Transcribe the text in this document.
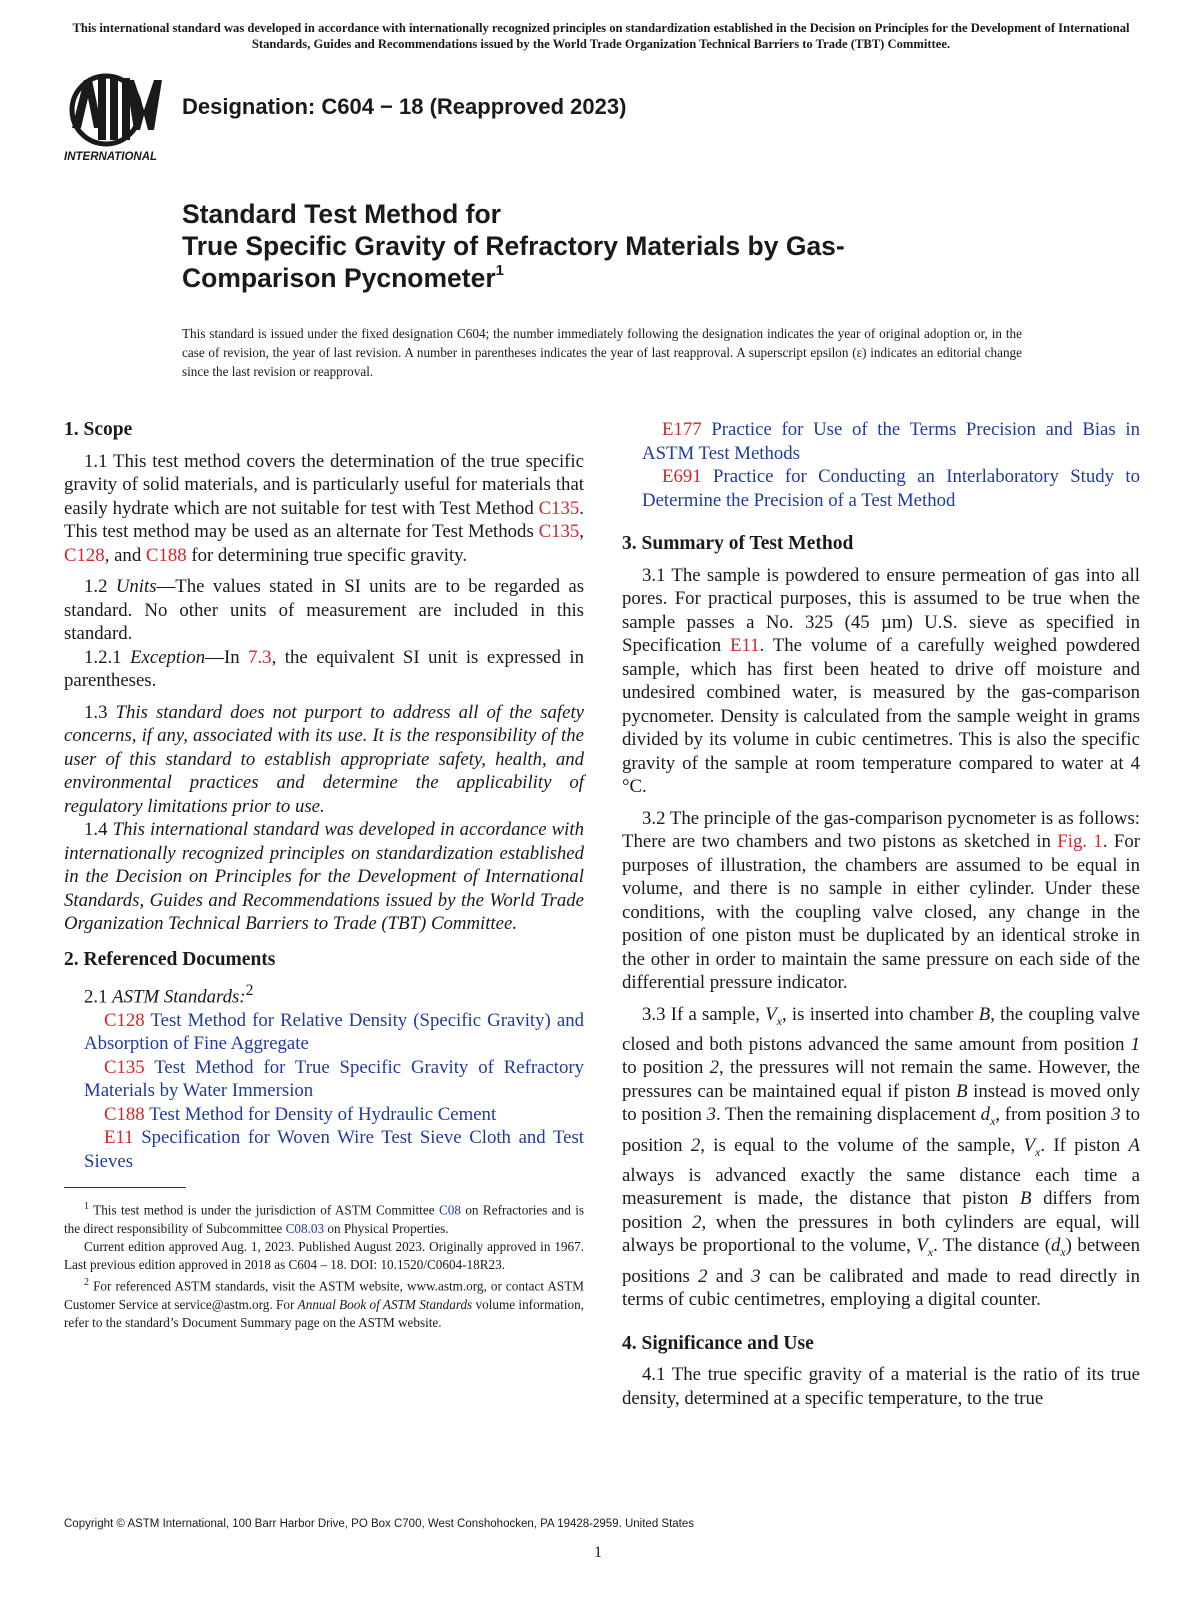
This international standard was developed in accordance with internationally recognized principles on standardization established in the Decision on Principles for the Development of International Standards, Guides and Recommendations issued by the World Trade Organization Technical Barriers to Trade (TBT) Committee.

INTERNATIONAL
Designation: C604 − 18 (Reapproved 2023)
Standard Test Method for
True Specific Gravity of Refractory Materials by Gas-
Comparison Pycnometer$^1$

This standard is issued under the fixed designation C604; the number immediately following the designation indicates the year of original adoption or, in the case of revision, the year of last revision. A number in parentheses indicates the year of last reapproval. A superscript epsilon (ε) indicates an editorial change since the last revision or reapproval.

1. Scope

1.1 This test method covers the determination of the true specific gravity of solid materials, and is particularly useful for materials that easily hydrate which are not suitable for test with Test Method C135. This test method may be used as an alternate for Test Methods C135, C128, and C188 for determining true specific gravity.

1.2 Units—The values stated in SI units are to be regarded as standard. No other units of measurement are included in this standard.

1.2.1 Exception—In 7.3, the equivalent SI unit is expressed in parentheses.

1.3 This standard does not purport to address all of the safety concerns, if any, associated with its use. It is the responsibility of the user of this standard to establish appropriate safety, health, and environmental practices and determine the applicability of regulatory limitations prior to use.

1.4 This international standard was developed in accordance with internationally recognized principles on standardization established in the Decision on Principles for the Development of International Standards, Guides and Recommendations issued by the World Trade Organization Technical Barriers to Trade (TBT) Committee.

2. Referenced Documents

2.1 ASTM Standards:$^2$

C128 Test Method for Relative Density (Specific Gravity) and Absorption of Fine Aggregate

C135 Test Method for True Specific Gravity of Refractory Materials by Water Immersion

C188 Test Method for Density of Hydraulic Cement

E11 Specification for Woven Wire Test Sieve Cloth and Test Sieves

$^1$ This test method is under the jurisdiction of ASTM Committee C08 on Refractories and is the direct responsibility of Subcommittee C08.03 on Physical Properties.

Current edition approved Aug. 1, 2023. Published August 2023. Originally approved in 1967. Last previous edition approved in 2018 as C604 – 18. DOI: 10.1520/C0604-18R23.

$^2$ For referenced ASTM standards, visit the ASTM website, www.astm.org, or contact ASTM Customer Service at service@astm.org. For Annual Book of ASTM Standards volume information, refer to the standard’s Document Summary page on the ASTM website.

E177 Practice for Use of the Terms Precision and Bias in ASTM Test Methods

E691 Practice for Conducting an Interlaboratory Study to Determine the Precision of a Test Method

3. Summary of Test Method

3.1 The sample is powdered to ensure permeation of gas into all pores. For practical purposes, this is assumed to be true when the sample passes a No. 325 (45 µm) U.S. sieve as specified in Specification E11. The volume of a carefully weighed powdered sample, which has first been heated to drive off moisture and undesired combined water, is measured by the gas-comparison pycnometer. Density is calculated from the sample weight in grams divided by its volume in cubic centimetres. This is also the specific gravity of the sample at room temperature compared to water at 4 °C.

3.2 The principle of the gas-comparison pycnometer is as follows: There are two chambers and two pistons as sketched in Fig. 1. For purposes of illustration, the chambers are assumed to be equal in volume, and there is no sample in either cylinder. Under these conditions, with the coupling valve closed, any change in the position of one piston must be duplicated by an identical stroke in the other in order to maintain the same pressure on each side of the differential pressure indicator.

3.3 If a sample, $V_x$, is inserted into chamber B, the coupling valve closed and both pistons advanced the same amount from position 1 to position 2, the pressures will not remain the same. However, the pressures can be maintained equal if piston B instead is moved only to position 3. Then the remaining displacement $d_x$, from position 3 to position 2, is equal to the volume of the sample, $V_x$. If piston A always is advanced exactly the same distance each time a measurement is made, the distance that piston B differs from position 2, when the pressures in both cylinders are equal, will always be proportional to the volume, $V_x$. The distance $(d_x)$ between positions 2 and 3 can be calibrated and made to read directly in terms of cubic centimetres, employing a digital counter.

4. Significance and Use

4.1 The true specific gravity of a material is the ratio of its true density, determined at a specific temperature, to the true

Copyright © ASTM International, 100 Barr Harbor Drive, PO Box C700, West Conshohocken, PA 19428-2959. United States

1
